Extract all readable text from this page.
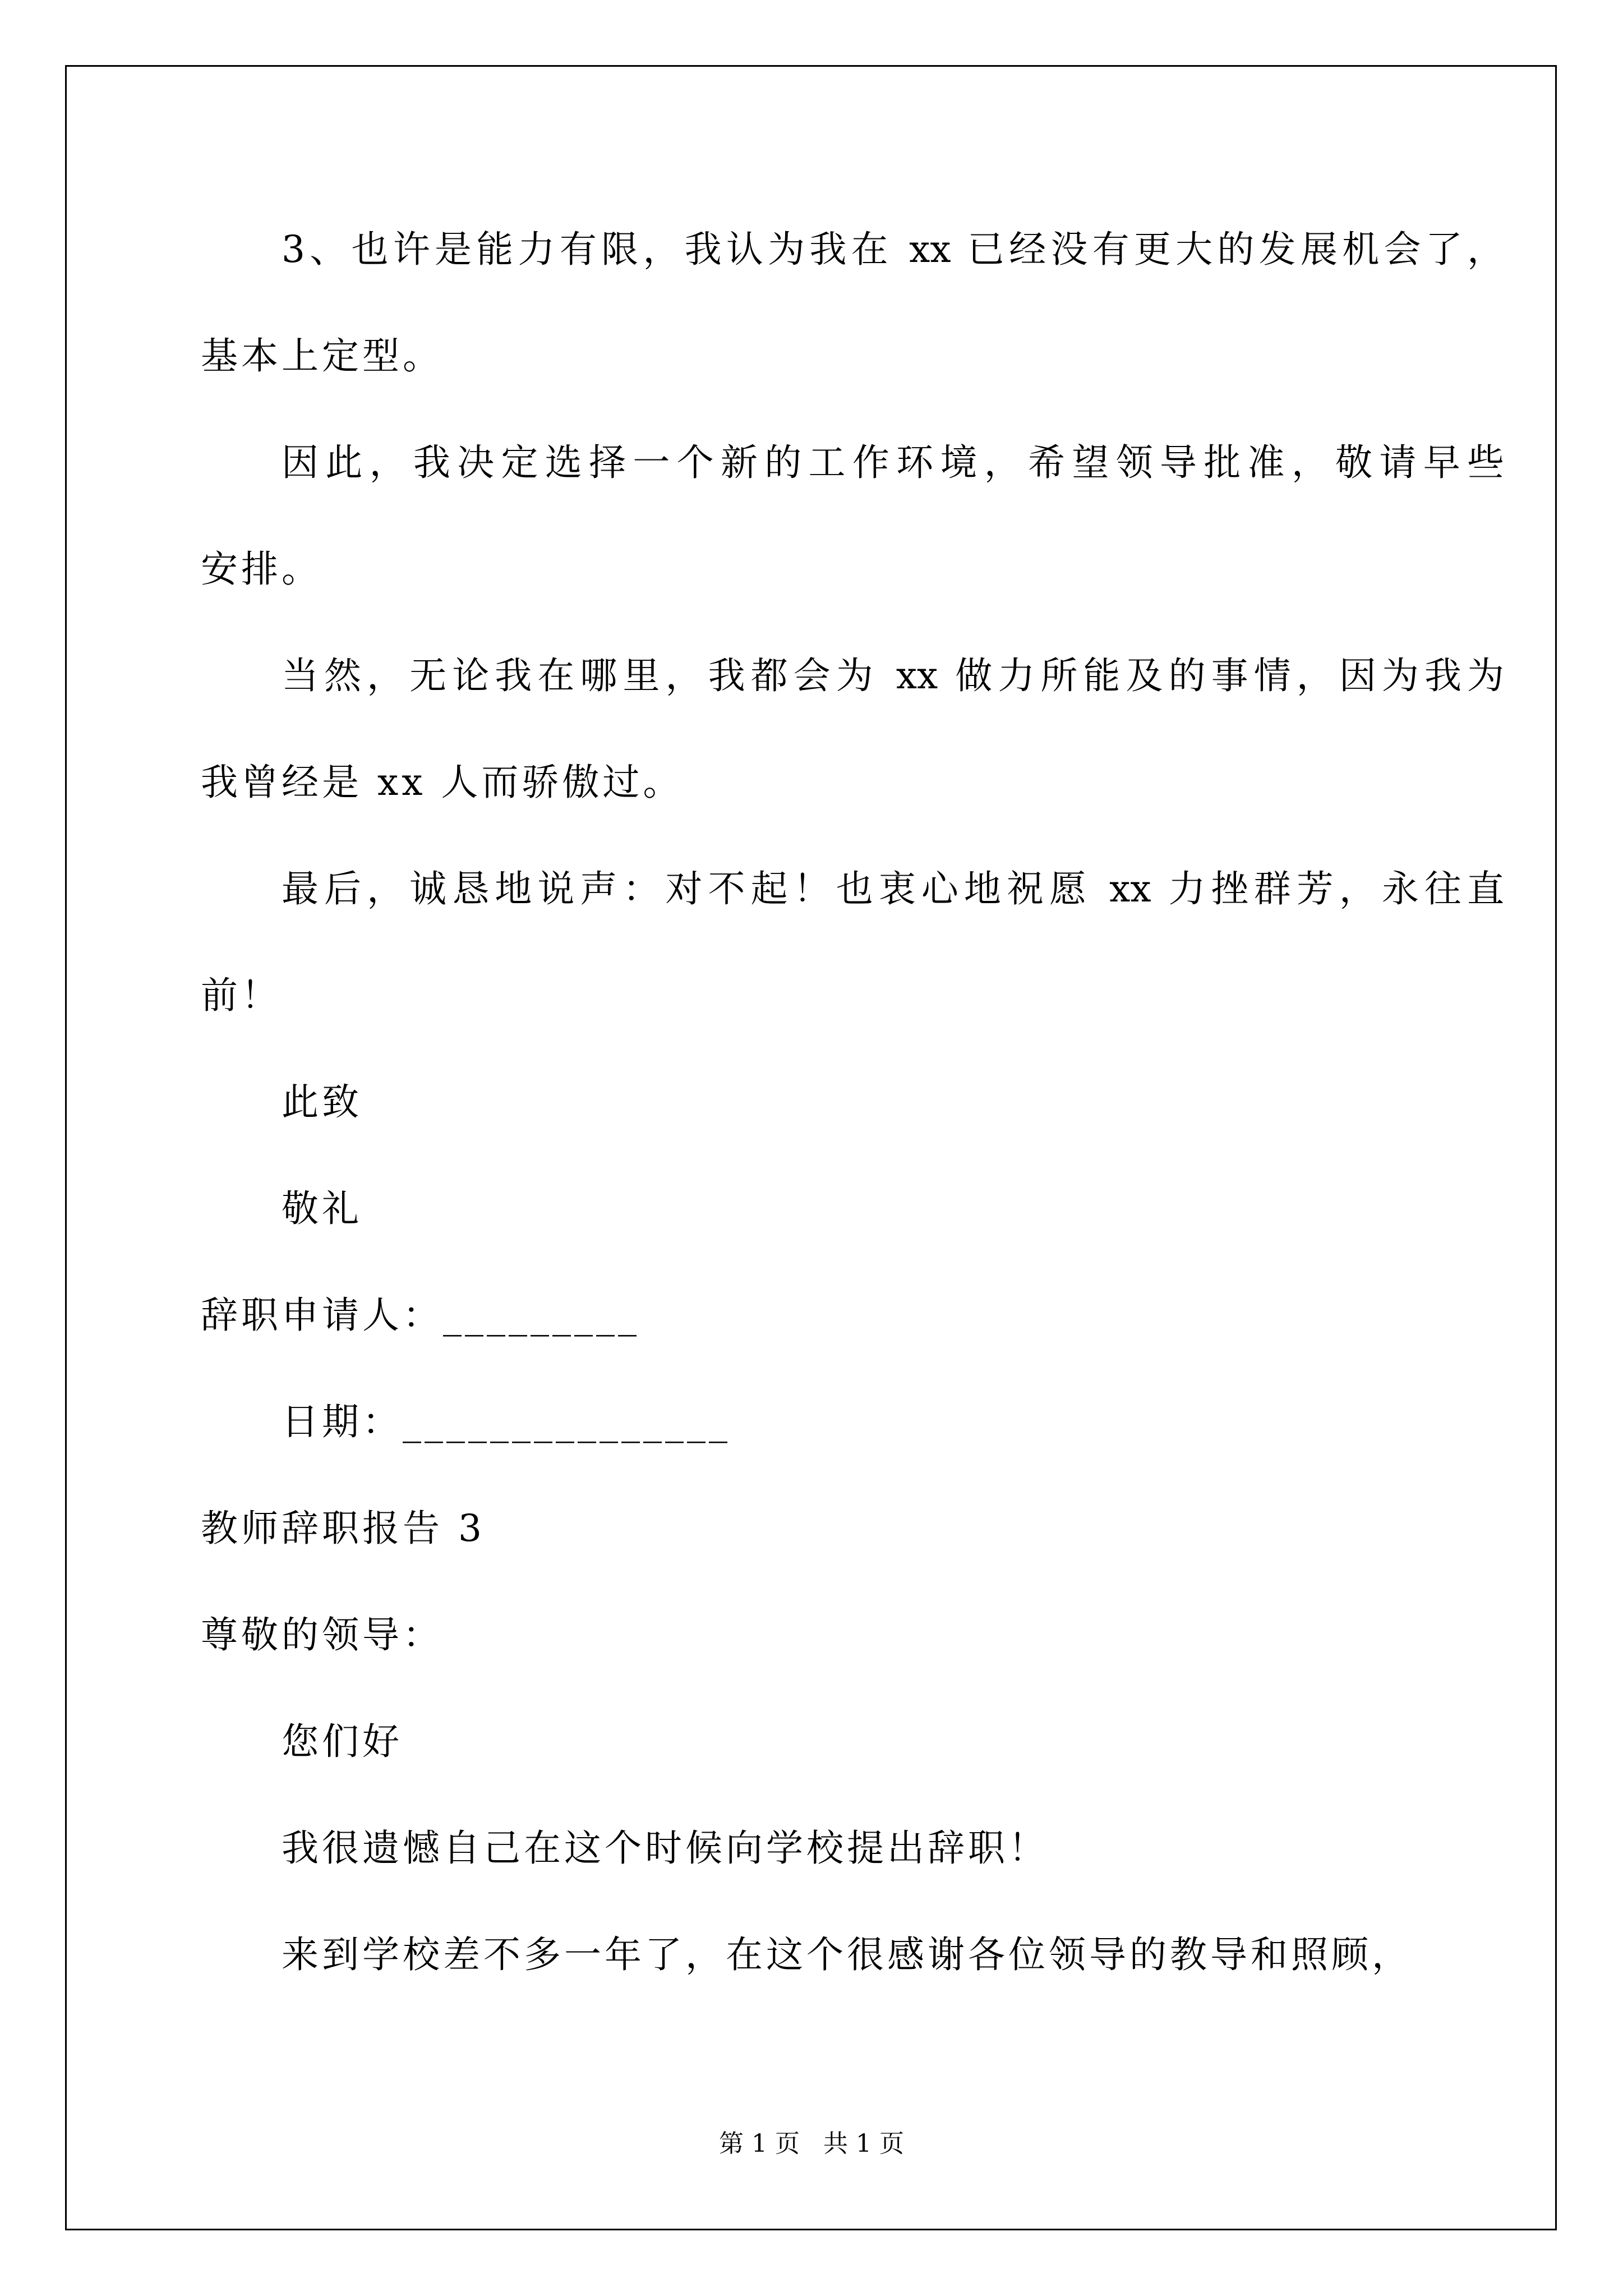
3、也许是能力有限，我认为我在 xx 已经没有更大的发展机会了，
基本上定型。
因此，我决定选择一个新的工作环境，希望领导批准，敬请早些
安排。
当然，无论我在哪里，我都会为 xx 做力所能及的事情，因为我为
我曾经是 xx 人而骄傲过。
最后，诚恳地说声：对不起！也衷心地祝愿 xx 力挫群芳，永往直
前！
此致
敬礼
辞职申请人：_________
日期：_______________
教师辞职报告 3
尊敬的领导：
您们好
我很遗憾自己在这个时候向学校提出辞职！
来到学校差不多一年了，在这个很感谢各位领导的教导和照顾，
第 1 页   共 1 页
